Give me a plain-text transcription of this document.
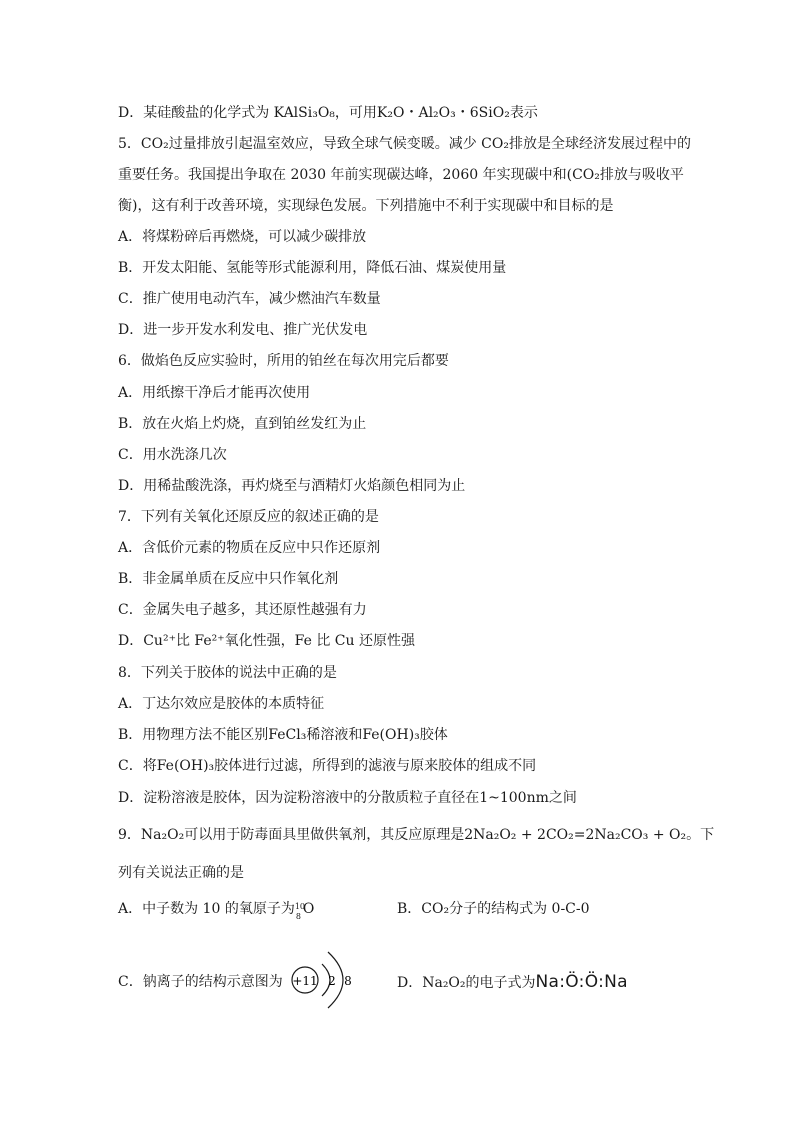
D．某硅酸盐的化学式为 KAlSi₃O₈，可用K₂O・Al₂O₃・6SiO₂表示
5．CO₂过量排放引起温室效应，导致全球气候变暖。减少 CO₂排放是全球经济发展过程中的
重要任务。我国提出争取在 2030 年前实现碳达峰，2060 年实现碳中和(CO₂排放与吸收平
衡)，这有利于改善环境，实现绿色发展。下列措施中不利于实现碳中和目标的是
A．将煤粉碎后再燃烧，可以减少碳排放
B．开发太阳能、氢能等形式能源利用，降低石油、煤炭使用量
C．推广使用电动汽车，减少燃油汽车数量
D．进一步开发水利发电、推广光伏发电
6．做焰色反应实验时，所用的铂丝在每次用完后都要
A．用纸擦干净后才能再次使用
B．放在火焰上灼烧，直到铂丝发红为止
C．用水洗涤几次
D．用稀盐酸洗涤，再灼烧至与酒精灯火焰颜色相同为止
7．下列有关氧化还原反应的叙述正确的是
A．含低价元素的物质在反应中只作还原剂
B．非金属单质在反应中只作氧化剂
C．金属失电子越多，其还原性越强有力
D．Cu²⁺比 Fe²⁺氧化性强，Fe 比 Cu 还原性强
8．下列关于胶体的说法中正确的是
A．丁达尔效应是胶体的本质特征
B．用物理方法不能区别FeCl₃稀溶液和Fe(OH)₃胶体
C．将Fe(OH)₃胶体进行过滤，所得到的滤液与原来胶体的组成不同
D．淀粉溶液是胶体，因为淀粉溶液中的分散质粒子直径在1~100nm之间
9．Na₂O₂可以用于防毒面具里做供氧剂，其反应原理是2Na₂O₂ + 2CO₂=2Na₂CO₃ + O₂。下
列有关说法正确的是
A．中子数为 10 的氧原子为 10
8 O	B．CO₂分子的结构式为 0-C-0
C．钠离子的结构示意图为 +11 2 8	D．Na₂O₂的电子式为Na:Ö:Ö:Na
